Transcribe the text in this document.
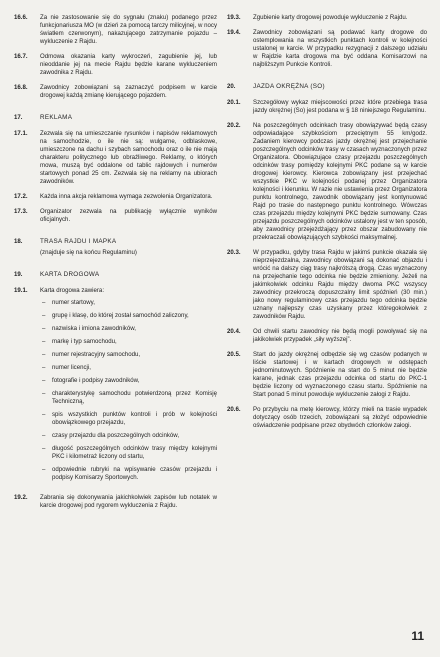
16.6.	Za nie zastosowanie się do sygnału (znaku) podanego przez funkcjonariusza MO (w dzień za pomocą tarczy milicyjnej, w nocy światłem czerwonym), nakazującego zatrzymanie pojazdu – wykluczenie z Rajdu.
16.7.	Odmowa okazania karty wykroczeń, zagubienie jej, lub nieoddanie jej na mecie Rajdu będzie karane wykluczeniem zawodnika z Rajdu.
16.8.	Zawodnicy zobowiązani są zaznaczyć podpisem w karcie drogowej każdą zmianę kierującego pojazdem.
17.	REKLAMA
17.1.	Zezwala się na umieszczanie rysunków i napisów reklamowych na samochodzie, o ile nie są: wulgarne, odblaskowe, umieszczone na dachu i szybach samochodu oraz o ile nie mają charakteru politycznego lub obraźliwego. Reklamy, o których mowa, muszą być oddalone od tablic rajdowych i numerów startowych ponad 25 cm. Zezwala się na reklamy na ubiorach zawodników.
17.2.	Każda inna akcja reklamowa wymaga zezwolenia Organizatora.
17.3.	Organizator zezwala na publikację wyłącznie wyników oficjalnych.
18.	TRASA RAJDU I MAPKA
(znajduje się na końcu Regulaminu)
19.	KARTA DROGOWA
19.1.	Karta drogowa zawiera:
– numer startowy,
– grupę i klasę, do której został samochód zaliczony,
– nazwiska i imiona zawodników,
– markę i typ samochodu,
– numer rejestracyjny samochodu,
– numer licencji,
– fotografie i podpisy zawodników,
– charakterystykę samochodu potwierdzoną przez Komisję Techniczną,
– spis wszystkich punktów kontroli i prób w kolejności obowiązkowego przejazdu,
– czasy przejazdu dla poszczególnych odcinków,
– długość poszczególnych odcinków trasy między kolejnymi PKC i kilometraż liczony od startu,
– odpowiednie rubryki na wpisywanie czasów przejazdu i podpisy Komisarzy Sportowych.
19.2.	Zabrania się dokonywania jakichkolwiek zapisów lub notatek w karcie drogowej pod rygorem wykluczenia z Rajdu.
19.3.	Zgubienie karty drogowej powoduje wykluczenie z Rajdu.
19.4.	Zawodnicy zobowiązani są podawać karty drogowe do ostemplowania na wszystkich punktach kontroli w kolejności ustalonej w karcie. W przypadku rezygnacji z dalszego udziału w Rajdzie karta drogowa ma być oddana Komisarzowi na najbliższym Punkcie Kontroli.
20.	JAZDA OKRĘŻNA (SO)
20.1.	Szczegółowy wykaz miejscowości przez które przebiega trasa jazdy okrężnej (So) jest podana w § 18 niniejszego Regulaminu.
20.2.	Na poszczególnych odcinkach trasy obowiązywać będą czasy odpowiadające szybkościom przeciętnym 55 km/godz. Zadaniem kierowcy podczas jazdy okrężnej jest przejechanie poszczególnych odcinków trasy w czasach wyznaczonych przez Organizatora. Obowiązujące czasy przejazdu poszczególnych odcinków trasy pomiędzy kolejnymi PKC podane są w karcie drogowej kierowcy. Kierowca zobowiązany jest przejechać wszystkie PKC w kolejności podanej przez Organizatora kolejności i kierunku. W razie nie ustawienia przez Organizatora punktu kontrolnego, zawodnik obowiązany jest kontynuować Rajd po trasie do następnego punktu kontrolnego. Wówczas czas przejazdu między kolejnymi PKC będzie sumowany. Czas przejazdu poszczególnych odcinków ustalony jest w ten sposób, aby zawodnicy przejeżdżający przez obszar zabudowany nie przekraczali obowiązujących szybkości maksymalnej.
20.3.	W przypadku, gdyby trasa Rajdu w jakimś punkcie okazała się nieprzejezdzalna, zawodnicy obowiązani są dokonać objazdu i wrócić na dalszy ciąg trasy najkrótszą drogą. Czas wyznaczony na przejechanie tego odcinka nie będzie zmieniony. Jeżeli na jakimkolwiek odcinku Rajdu między dwoma PKC wszyscy zawodnicy przekroczą dopuszczalny limit spóźnień (30 min.) jako nowy regulaminowy czas przejazdu tego odcinka będzie uznany najlepszy czas uzyskany przez któregokolwiek z zawodników Rajdu.
20.4.	Od chwili startu zawodnicy nie będą mogli powoływać się na jakikolwiek przypadek „siły wyższej”.
20.5.	Start do jazdy okrężnej odbędzie się wg czasów podanych w liście startowej i w kartach drogowych w odstępach jednominutowych. Spóźnienie na start do 5 minut nie będzie karane, jednak czas przejazdu odcinka od startu do PKC-1 będzie liczony od wyznaczonego czasu startu. Spóźnienie na Start ponad 5 minut powoduje wykluczenie załogi z Rajdu.
20.6.	Po przybyciu na metę kierowcy, którzy mieli na trasie wypadek dotyczący osób trzecich, zobowiązani są złożyć odpowiednie oświadczenie podpisane przez obydwóch członków załogi.
11
